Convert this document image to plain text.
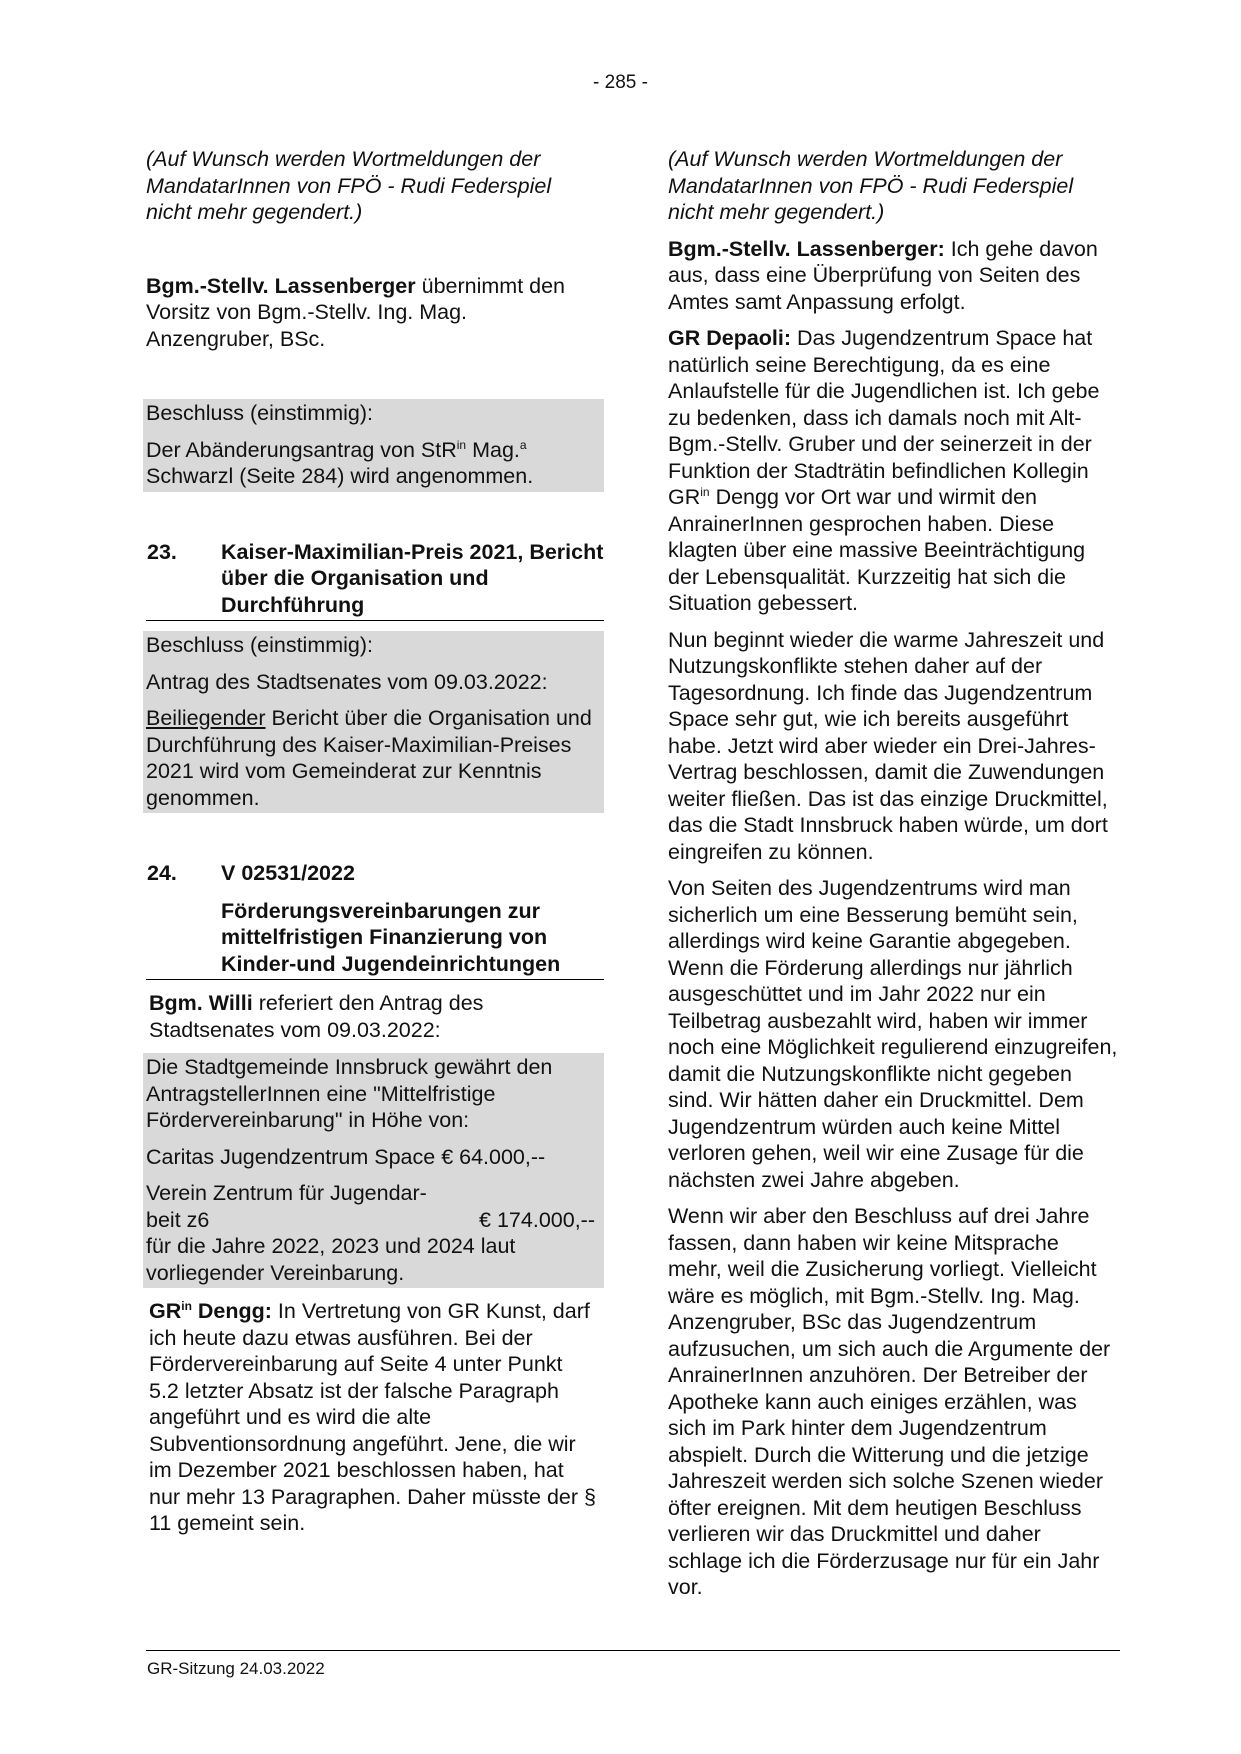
- 285 -

(Auf Wunsch werden Wortmeldungen der MandatarInnen von FPÖ - Rudi Federspiel nicht mehr gegendert.)

Bgm.-Stellv. Lassenberger übernimmt den Vorsitz von Bgm.-Stellv. Ing. Mag. Anzengruber, BSc.

Beschluss (einstimmig):

Der Abänderungsantrag von StR$^{in}$ Mag.$^a$ Schwarzl (Seite 284) wird angenommen.

23.	Kaiser-Maximilian-Preis 2021, Bericht über die Organisation und Durchführung

Beschluss (einstimmig):

Antrag des Stadtsenates vom 09.03.2022:

Beiliegender Bericht über die Organisation und Durchführung des Kaiser-Maximilian-Preises 2021 wird vom Gemeinderat zur Kenntnis genommen.

24.	V 02531/2022
Förderungsvereinbarungen zur mittelfristigen Finanzierung von Kinder-und Jugendeinrichtungen

Bgm. Willi referiert den Antrag des Stadtsenates vom 09.03.2022:

Die Stadtgemeinde Innsbruck gewährt den AntragstellerInnen eine "Mittelfristige Fördervereinbarung" in Höhe von:

Caritas Jugendzentrum Space € 64.000,--

Verein Zentrum für Jugendar-
beit z6	€ 174.000,--

für die Jahre 2022, 2023 und 2024 laut vorliegender Vereinbarung.

$GR^{in}$ Dengg: In Vertretung von GR Kunst, darf ich heute dazu etwas ausführen. Bei der Fördervereinbarung auf Seite 4 unter Punkt 5.2 letzter Absatz ist der falsche Paragraph angeführt und es wird die alte Subventionsordnung angeführt. Jene, die wir im Dezember 2021 beschlossen haben, hat nur mehr 13 Paragraphen. Daher müsste der § 11 gemeint sein.

(Auf Wunsch werden Wortmeldungen der MandatarInnen von FPÖ - Rudi Federspiel nicht mehr gegendert.)

Bgm.-Stellv. Lassenberger: Ich gehe davon aus, dass eine Überprüfung von Seiten des Amtes samt Anpassung erfolgt.

GR Depaoli: Das Jugendzentrum Space hat natürlich seine Berechtigung, da es eine Anlaufstelle für die Jugendlichen ist. Ich gebe zu bedenken, dass ich damals noch mit Alt-Bgm.-Stellv. Gruber und der seinerzeit in der Funktion der Stadträtin befindlichen Kollegin $GR^{in}$ Dengg vor Ort war und wirmit den AnrainerInnen gesprochen haben. Diese klagten über eine massive Beeinträchtigung der Lebensqualität. Kurzzeitig hat sich die Situation gebessert.

Nun beginnt wieder die warme Jahreszeit und Nutzungskonflikte stehen daher auf der Tagesordnung. Ich finde das Jugendzentrum Space sehr gut, wie ich bereits ausgeführt habe. Jetzt wird aber wieder ein Drei-Jahres-Vertrag beschlossen, damit die Zuwendungen weiter fließen. Das ist das einzige Druckmittel, das die Stadt Innsbruck haben würde, um dort eingreifen zu können.

Von Seiten des Jugendzentrums wird man sicherlich um eine Besserung bemüht sein, allerdings wird keine Garantie abgegeben. Wenn die Förderung allerdings nur jährlich ausgeschüttet und im Jahr 2022 nur ein Teilbetrag ausbezahlt wird, haben wir immer noch eine Möglichkeit regulierend einzugreifen, damit die Nutzungskonflikte nicht gegeben sind. Wir hätten daher ein Druckmittel. Dem Jugendzentrum würden auch keine Mittel verloren gehen, weil wir eine Zusage für die nächsten zwei Jahre abgeben.

Wenn wir aber den Beschluss auf drei Jahre fassen, dann haben wir keine Mitsprache mehr, weil die Zusicherung vorliegt. Vielleicht wäre es möglich, mit Bgm.-Stellv. Ing. Mag. Anzengruber, BSc das Jugendzentrum aufzusuchen, um sich auch die Argumente der AnrainerInnen anzuhören. Der Betreiber der Apotheke kann auch einiges erzählen, was sich im Park hinter dem Jugendzentrum abspielt. Durch die Witterung und die jetzige Jahreszeit werden sich solche Szenen wieder öfter ereignen. Mit dem heutigen Beschluss verlieren wir das Druckmittel und daher schlage ich die Förderzusage nur für ein Jahr vor.

GR-Sitzung 24.03.2022
